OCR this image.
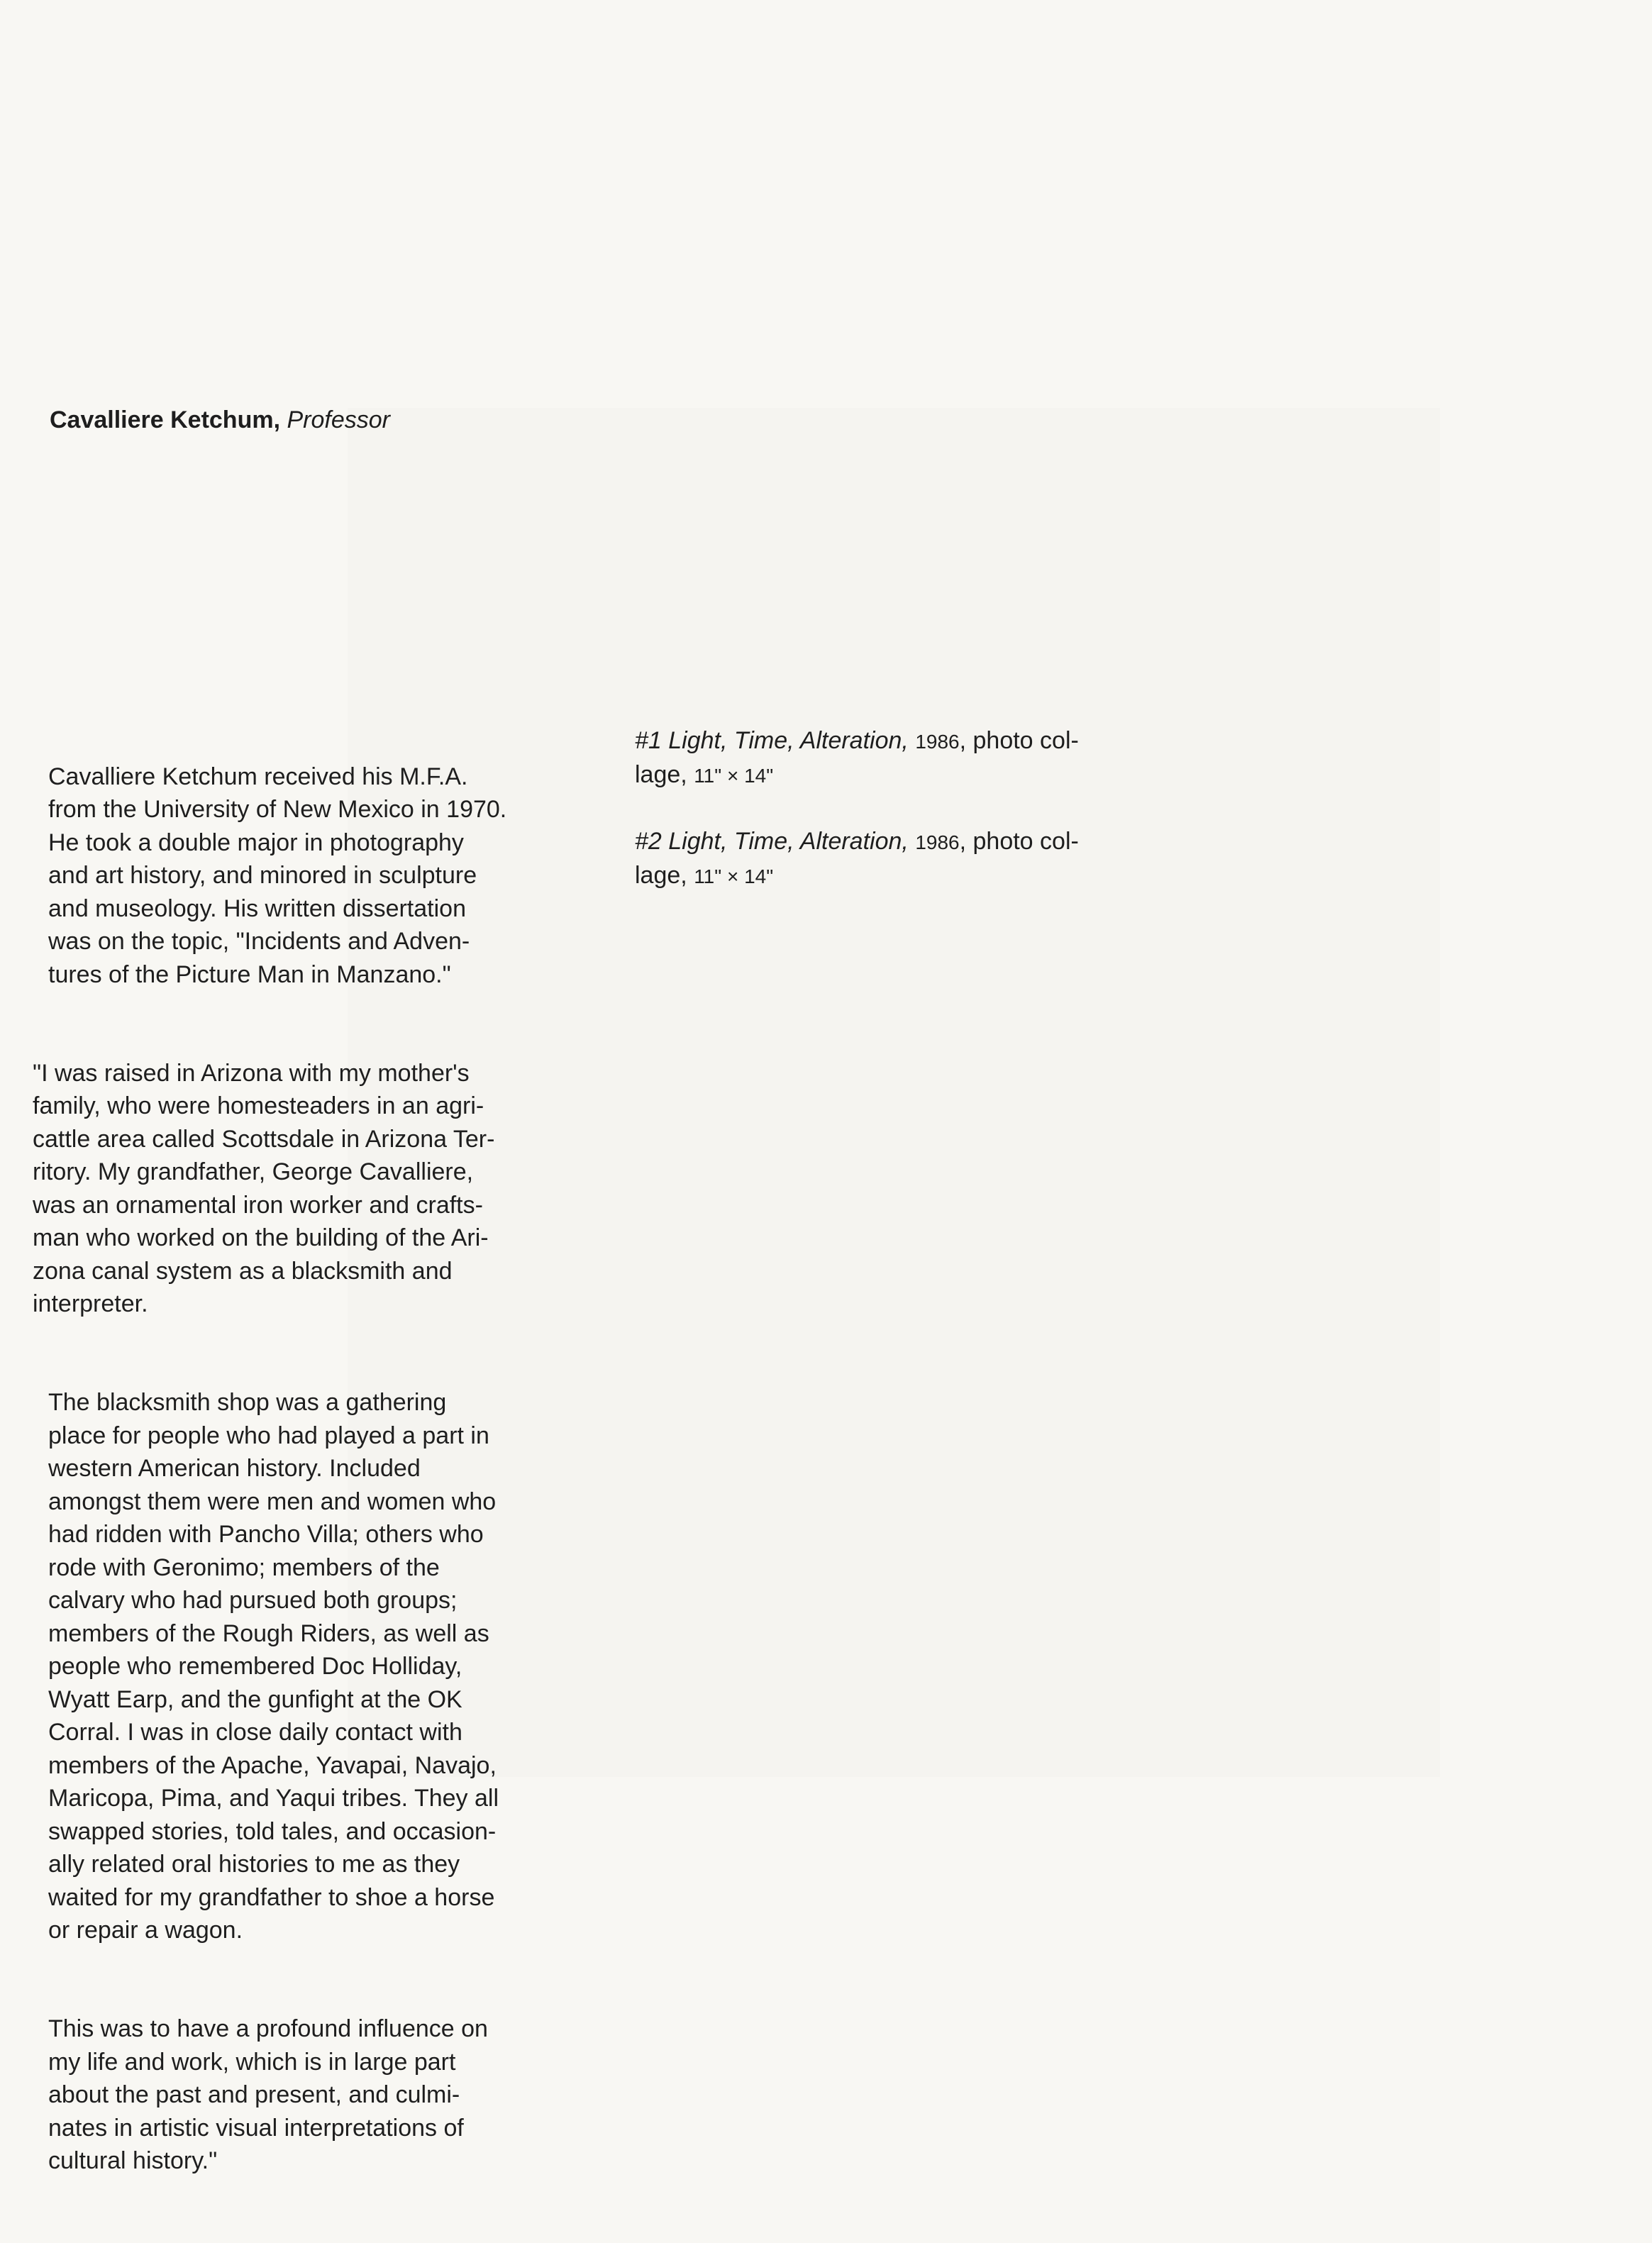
Cavalliere Ketchum, Professor

Cavalliere Ketchum received his M.F.A.
from the University of New Mexico in 1970.
He took a double major in photography
and art history, and minored in sculpture
and museology. His written dissertation
was on the topic, "Incidents and Adven-
tures of the Picture Man in Manzano."

"I was raised in Arizona with my mother's
family, who were homesteaders in an agri-
cattle area called Scottsdale in Arizona Ter-
ritory. My grandfather, George Cavalliere,
was an ornamental iron worker and crafts-
man who worked on the building of the Ari-
zona canal system as a blacksmith and
interpreter.

The blacksmith shop was a gathering
place for people who had played a part in
western American history. Included
amongst them were men and women who
had ridden with Pancho Villa; others who
rode with Geronimo; members of the
calvary who had pursued both groups;
members of the Rough Riders, as well as
people who remembered Doc Holliday,
Wyatt Earp, and the gunfight at the OK
Corral. I was in close daily contact with
members of the Apache, Yavapai, Navajo,
Maricopa, Pima, and Yaqui tribes. They all
swapped stories, told tales, and occasion-
ally related oral histories to me as they
waited for my grandfather to shoe a horse
or repair a wagon.

This was to have a profound influence on
my life and work, which is in large part
about the past and present, and culmi-
nates in artistic visual interpretations of
cultural history."

#1 Light, Time, Alteration, 1986, photo col-
lage, 11" × 14"
#2 Light, Time, Alteration, 1986, photo col-
lage, 11" × 14"
